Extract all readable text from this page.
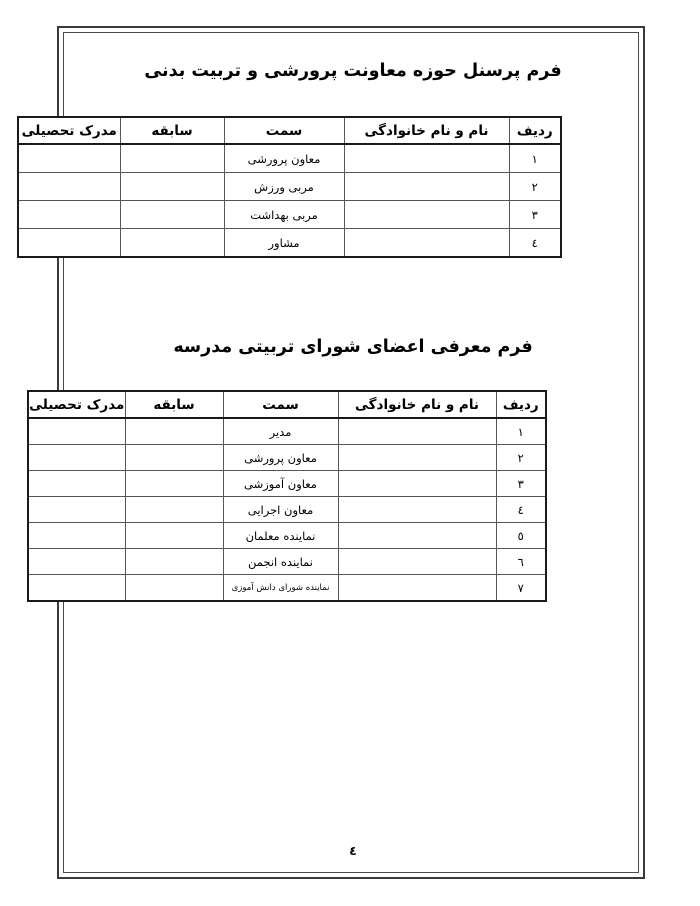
فرم پرسنل حوزه معاونت پرورشی و تربیت بدنی
ردیف	نام و نام خانوادگی	سمت	سابقه	مدرک تحصیلی
١		معاون پرورشی		
٢		مربی ورزش		
٣		مربی بهداشت		
٤		مشاور		
فرم معرفی اعضای شورای تربیتی مدرسه
ردیف	نام و نام خانوادگی	سمت	سابقه	مدرک تحصیلی
١		مدیر		
٢		معاون پرورشی		
٣		معاون آموزشی		
٤		معاون اجرایی		
٥		نماینده معلمان		
٦		نماینده انجمن		
٧		نماینده شورای دانش آموزی		
٤
